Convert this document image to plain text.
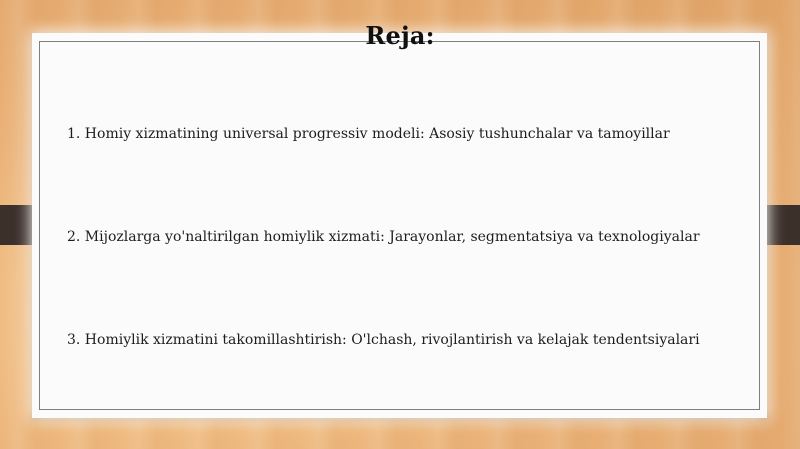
Reja:
1. Homiy xizmatining universal progressiv modeli: Asosiy tushunchalar va tamoyillar
2. Mijozlarga yo'naltirilgan homiylik xizmati: Jarayonlar, segmentatsiya va texnologiyalar
3. Homiylik xizmatini takomillashtirish: O'lchash, rivojlantirish va kelajak tendentsiyalari
